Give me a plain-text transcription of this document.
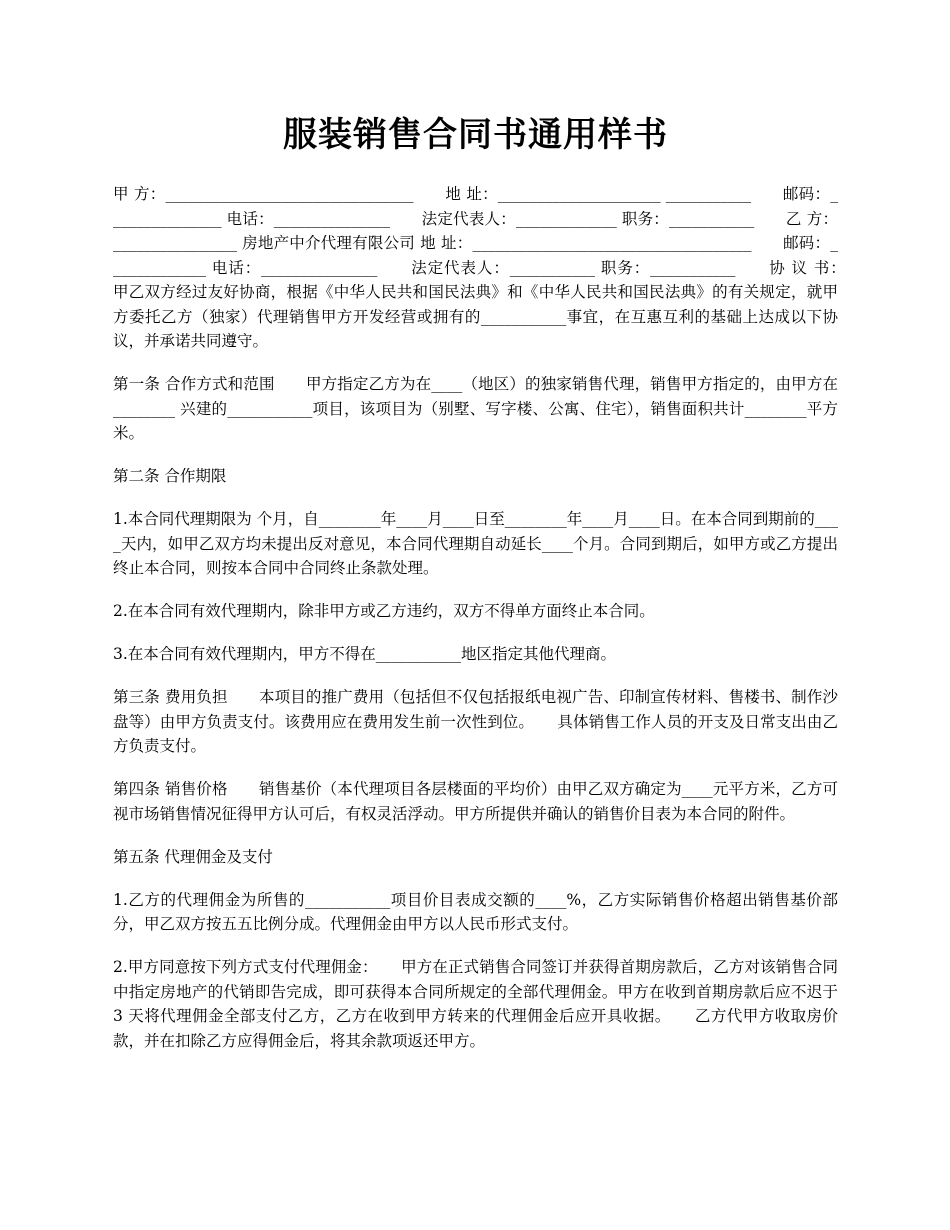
服装销售合同书通用样书

甲 方：________________________________　　地 址：_____________________ ___________　　邮码：_______________ 电话：_______________　　法定代表人：_____________ 职务：___________　　乙 方：________________ 房地产中介代理有限公司 地 址：____________________________________　　邮码：_____________ 电话：_______________　　法定代表人：___________ 职务：___________　　协 议 书：　　甲乙双方经过友好协商，根据《中华人民共和国民法典》和《中华人民共和国民法典》的有关规定，就甲方委托乙方（独家）代理销售甲方开发经营或拥有的___________事宜，在互惠互利的基础上达成以下协议，并承诺共同遵守。

第一条 合作方式和范围　　甲方指定乙方为在____（地区）的独家销售代理，销售甲方指定的，由甲方在________ 兴建的___________项目，该项目为（别墅、写字楼、公寓、住宅），销售面积共计________平方米。

第二条 合作期限

1.本合同代理期限为 个月，自________年____月____日至________年____月____日。在本合同到期前的____天内，如甲乙双方均未提出反对意见，本合同代理期自动延长____个月。合同到期后，如甲方或乙方提出终止本合同，则按本合同中合同终止条款处理。

2.在本合同有效代理期内，除非甲方或乙方违约，双方不得单方面终止本合同。

3.在本合同有效代理期内，甲方不得在___________地区指定其他代理商。

第三条 费用负担　　本项目的推广费用（包括但不仅包括报纸电视广告、印制宣传材料、售楼书、制作沙盘等）由甲方负责支付。该费用应在费用发生前一次性到位。　　具体销售工作人员的开支及日常支出由乙方负责支付。

第四条 销售价格　　销售基价（本代理项目各层楼面的平均价）由甲乙双方确定为____元平方米，乙方可视市场销售情况征得甲方认可后，有权灵活浮动。甲方所提供并确认的销售价目表为本合同的附件。

第五条 代理佣金及支付

1.乙方的代理佣金为所售的___________项目价目表成交额的____%，乙方实际销售价格超出销售基价部分，甲乙双方按五五比例分成。代理佣金由甲方以人民币形式支付。

2.甲方同意按下列方式支付代理佣金：　　甲方在正式销售合同签订并获得首期房款后，乙方对该销售合同中指定房地产的代销即告完成，即可获得本合同所规定的全部代理佣金。甲方在收到首期房款后应不迟于 3 天将代理佣金全部支付乙方，乙方在收到甲方转来的代理佣金后应开具收据。　　乙方代甲方收取房价款，并在扣除乙方应得佣金后，将其余款项返还甲方。
